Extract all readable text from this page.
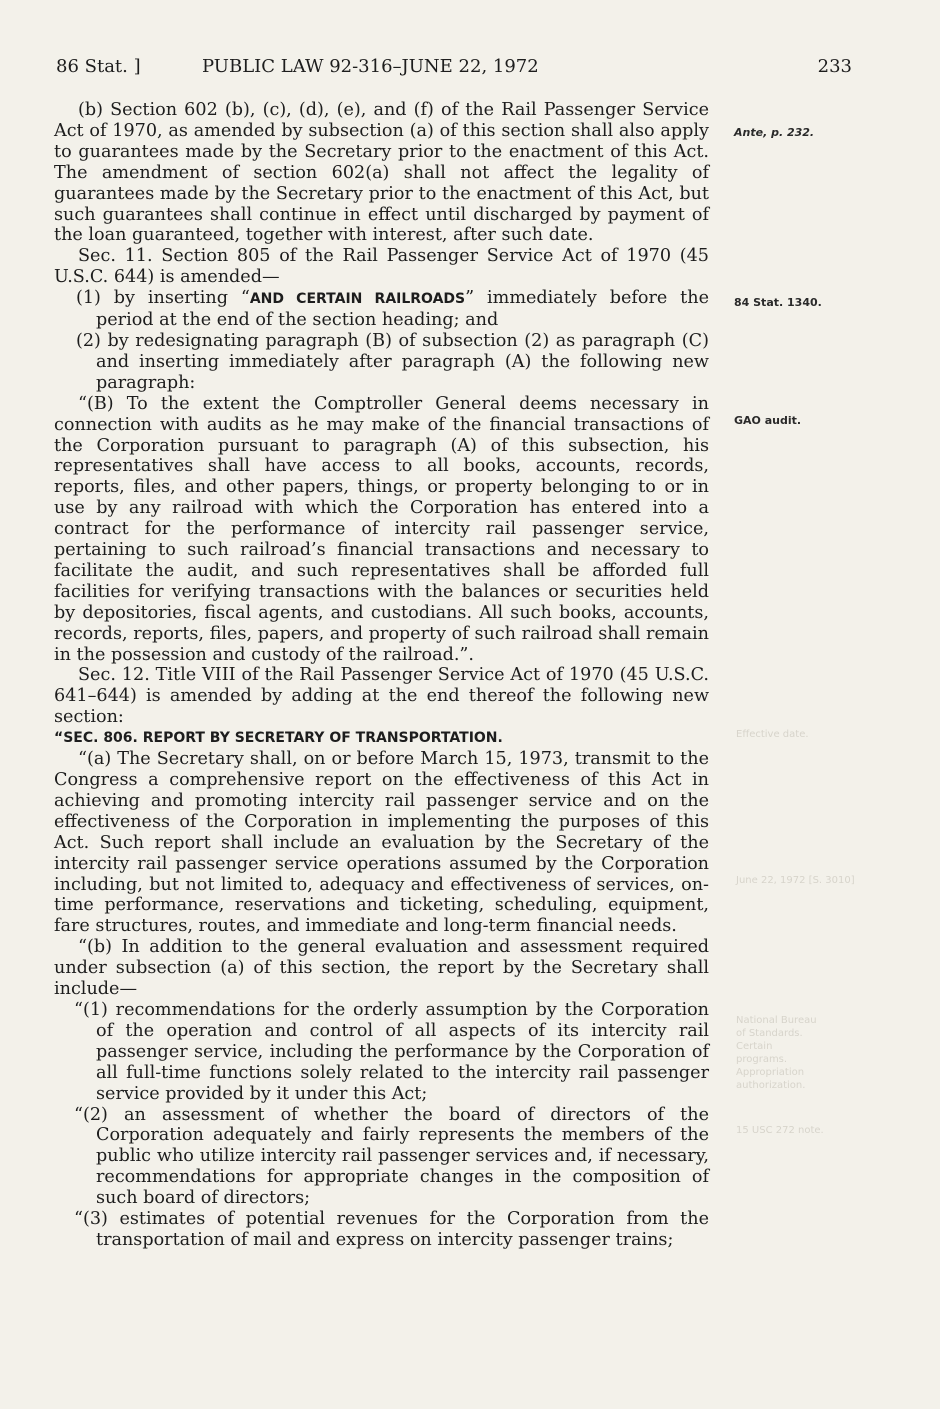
86 Stat. ]	PUBLIC LAW 92-316–JUNE 22, 1972	233

(b) Section 602 (b), (c), (d), (e), and (f) of the Rail Passenger Service Act of 1970, as amended by subsection (a) of this section shall also apply to guarantees made by the Secretary prior to the enactment of this Act. The amendment of section 602(a) shall not affect the legality of guarantees made by the Secretary prior to the enactment of this Act, but such guarantees shall continue in effect until discharged by payment of the loan guaranteed, together with interest, after such date.

Sec. 11. Section 805 of the Rail Passenger Service Act of 1970 (45 U.S.C. 644) is amended—

(1) by inserting “AND CERTAIN RAILROADS” immediately before the period at the end of the section heading; and

(2) by redesignating paragraph (B) of subsection (2) as paragraph (C) and inserting immediately after paragraph (A) the following new paragraph:

“(B) To the extent the Comptroller General deems necessary in connection with audits as he may make of the financial transactions of the Corporation pursuant to paragraph (A) of this subsection, his representatives shall have access to all books, accounts, records, reports, files, and other papers, things, or property belonging to or in use by any railroad with which the Corporation has entered into a contract for the performance of intercity rail passenger service, pertaining to such railroad’s financial transactions and necessary to facilitate the audit, and such representatives shall be afforded full facilities for verifying transactions with the balances or securities held by depositories, fiscal agents, and custodians. All such books, accounts, records, reports, files, papers, and property of such railroad shall remain in the possession and custody of the railroad.”.

Sec. 12. Title VIII of the Rail Passenger Service Act of 1970 (45 U.S.C. 641–644) is amended by adding at the end thereof the following new section:

“SEC. 806. REPORT BY SECRETARY OF TRANSPORTATION.

“(a) The Secretary shall, on or before March 15, 1973, transmit to the Congress a comprehensive report on the effectiveness of this Act in achieving and promoting intercity rail passenger service and on the effectiveness of the Corporation in implementing the purposes of this Act. Such report shall include an evaluation by the Secretary of the intercity rail passenger service operations assumed by the Corporation including, but not limited to, adequacy and effectiveness of services, on-time performance, reservations and ticketing, scheduling, equipment, fare structures, routes, and immediate and long-term financial needs.

“(b) In addition to the general evaluation and assessment required under subsection (a) of this section, the report by the Secretary shall include—

“(1) recommendations for the orderly assumption by the Corporation of the operation and control of all aspects of its intercity rail passenger service, including the performance by the Corporation of all full-time functions solely related to the intercity rail passenger service provided by it under this Act;

“(2) an assessment of whether the board of directors of the Corporation adequately and fairly represents the members of the public who utilize intercity rail passenger services and, if necessary, recommendations for appropriate changes in the composition of such board of directors;

“(3) estimates of potential revenues for the Corporation from the transportation of mail and express on intercity passenger trains;

Ante, p. 232.
84 Stat. 1340.
GAO audit.
Effective date.
June 22, 1972 [S. 3010]
National Bureau of Standards. Certain programs. Appropriation authorization.
15 USC 272 note.
